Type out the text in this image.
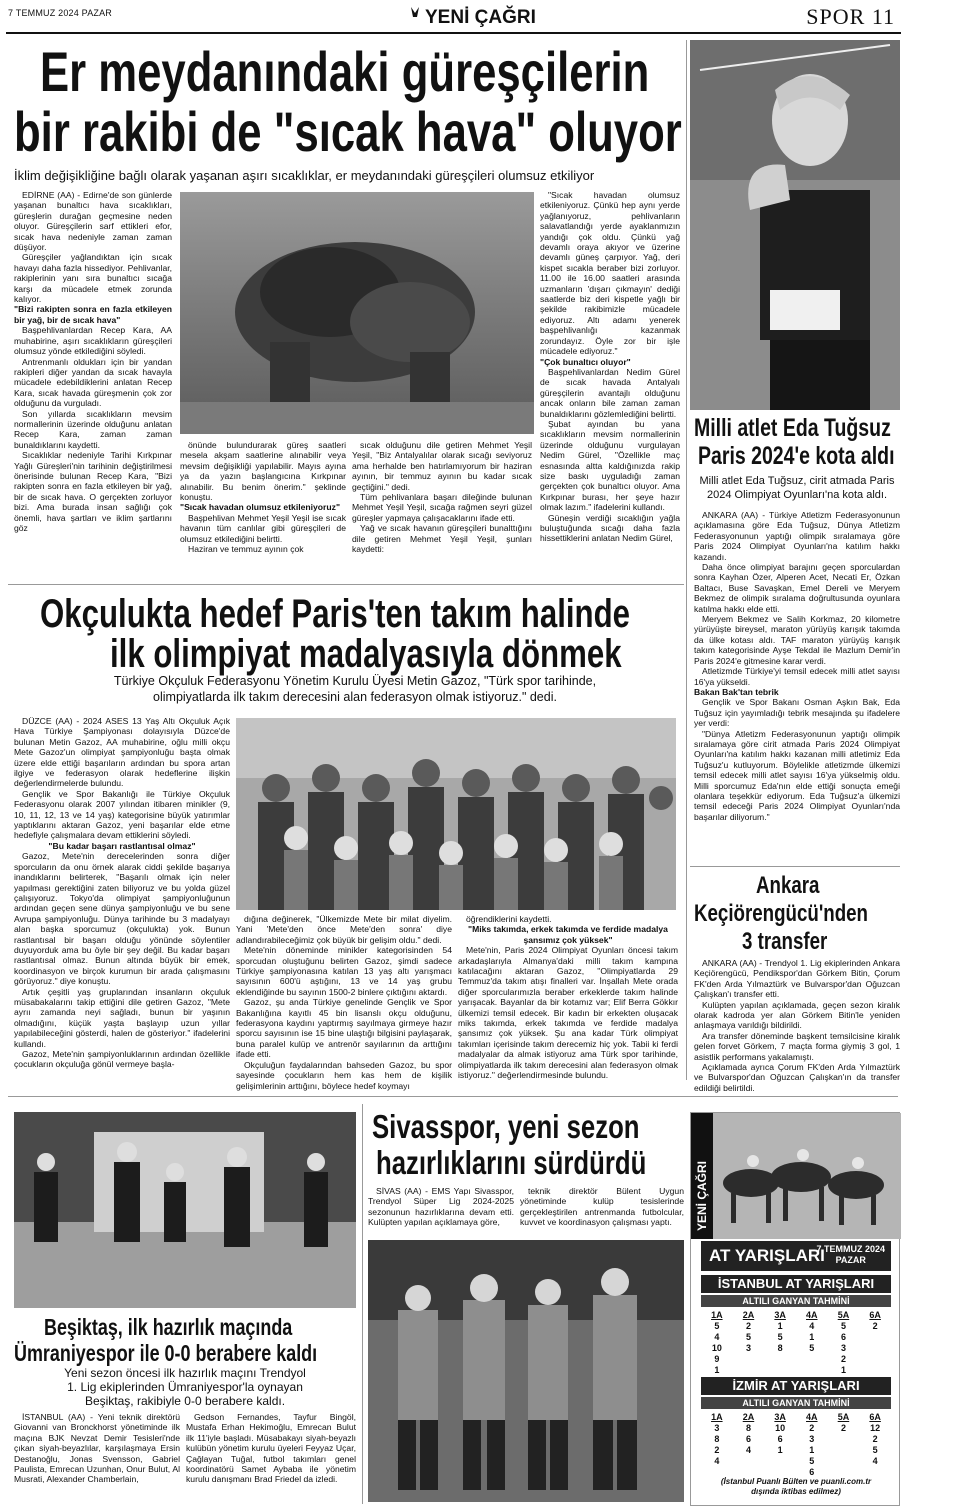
7 TEMMUZ 2024 PAZAR	YENİ ÇAĞRI	SPOR 11
Er meydanındaki güreşçilerin
bir rakibi de "sıcak hava" oluyor
İklim değişikliğine bağlı olarak yaşanan aşırı sıcaklıklar, er meydanındaki güreşçileri olumsuz etkiliyor

EDİRNE (AA) - Edirne'de son günlerde yaşanan bunaltıcı hava sıcaklıkları, güreşlerin durağan geçmesine neden oluyor. Güreşçilerin sarf ettikleri efor, sıcak hava nedeniyle zaman zaman düşüyor.

Güreşçiler yağlandıktan için sıcak havayı daha fazla hissediyor. Pehlivanlar, rakiplerinin yanı sıra bunaltıcı sıcağa karşı da mücadele etmek zorunda kalıyor.

"Bizi rakipten sonra en fazla etkileyen bir yağ, bir de sıcak hava"

Başpehlivanlardan Recep Kara, AA muhabirine, aşırı sıcaklıkların güreşçileri olumsuz yönde etkilediğini söyledi.

Antrenmanlı oldukları için bir yandan rakipleri diğer yandan da sıcak havayla mücadele edebildiklerini anlatan Recep Kara, sıcak havada güreşmenin çok zor olduğunu da vurguladı.

Son yıllarda sıcaklıkların mevsim normallerinin üzerinde olduğunu anlatan Recep Kara, zaman zaman bunaldıklarını kaydetti.

Sıcaklıklar nedeniyle Tarihi Kırkpınar Yağlı Güreşleri'nin tarihinin değiştirilmesi önerisinde bulunan Recep Kara, "Bizi rakipten sonra en fazla etkileyen bir yağ, bir de sıcak hava. O gerçekten zorluyor bizi. Ama burada insan sağlığı çok önemli, hava şartları ve iklim şartlarını göz

önünde bulundurarak güreş saatleri mesela akşam saatlerine alınabilir veya mevsim değişikliği yapılabilir. Mayıs ayına ya da yazın başlangıcına Kırkpınar alınabilir. Bu benim önerim." şeklinde konuştu.

"Sıcak havadan olumsuz etkileniyoruz"

Başpehlivan Mehmet Yeşil Yeşil ise sıcak havanın tüm canlılar gibi güreşçileri de olumsuz etkilediğini belirtti.

Haziran ve temmuz ayının çok

sıcak olduğunu dile getiren Mehmet Yeşil Yeşil, "Biz Antalyalılar olarak sıcağı seviyoruz ama herhalde ben hatırlamıyorum bir haziran ayının, bir temmuz ayının bu kadar sıcak geçtiğini." dedi.

Tüm pehlivanlara başarı dileğinde bulunan Mehmet Yeşil Yeşil, sıcağa rağmen seyri güzel güreşler yapmaya çalışacaklarını ifade etti.

Yağ ve sıcak havanın güreşçileri bunalttığını dile getiren Mehmet Yeşil Yeşil, şunları kaydetti:

"Sıcak havadan olumsuz etkileniyoruz. Çünkü hep aynı yerde yağlanıyoruz, pehlivanların salavatlandığı yerde ayaklanmızın yandığı çok oldu. Çünkü yağ devamlı oraya akıyor ve üzerine devamlı güneş çarpıyor. Yağ, deri kispet sıcakla beraber bizi zorluyor. 11.00 ile 16.00 saatleri arasında uzmanların 'dışarı çıkmayın' dediği saatlerde biz deri kispetle yağlı bir şekilde rakibimizle mücadele ediyoruz. Altı adamı yenerek başpehlivanlığı kazanmak zorundayız. Öyle zor bir işle mücadele ediyoruz."

"Çok bunaltıcı oluyor"

Başpehlivanlardan Nedim Gürel de sıcak havada Antalyalı güreşçilerin avantajlı olduğunu ancak onların bile zaman zaman bunaldıklarını gözlemlediğini belirtti.

Şubat ayından bu yana sıcaklıkların mevsim normallerinin üzerinde olduğunu vurgulayan Nedim Gürel, "Özellikle maç esnasında altta kaldığınızda rakip size baskı uyguladığı zaman gerçekten çok bunaltıcı oluyor. Ama Kırkpınar burası, her şeye hazır olmak lazım." ifadelerini kullandı.

Güneşin verdiği sıcaklığın yağla buluştuğunda sıcağı daha fazla hissettiklerini anlatan Nedim Gürel,

Milli atlet Eda Tuğsuz
Paris 2024'e kota aldı
Milli atlet Eda Tuğsuz, cirit atmada Paris 2024 Olimpiyat Oyunları'na kota aldı.

ANKARA (AA) - Türkiye Atletizm Federasyonunun açıklamasına göre Eda Tuğsuz, Dünya Atletizm Federasyonunun yaptığı olimpik sıralamaya göre Paris 2024 Olimpiyat Oyunları'na katılım hakkı kazandı.

Daha önce olimpiyat barajını geçen sporculardan sonra Kayhan Özer, Alperen Acet, Necati Er, Özkan Baltacı, Buse Savaşkan, Emel Dereli ve Meryem Bekmez de olimpik sıralama doğrultusunda oyunlara katılma hakkı elde etti.

Meryem Bekmez ve Salih Korkmaz, 20 kilometre yürüyüşte bireysel, maraton yürüyüş karışık takımda da ülke kotası aldı. TAF maraton yürüyüş karışık takım kategorisinde Ayşe Tekdal ile Mazlum Demir'in Paris 2024'e gitmesine karar verdi.

Atletizmde Türkiye'yi temsil edecek milli atlet sayısı 16'ya yükseldi.

Bakan Bak'tan tebrik

Gençlik ve Spor Bakanı Osman Aşkın Bak, Eda Tuğsuz için yayımladığı tebrik mesajında şu ifadelere yer verdi:

"Dünya Atletizm Federasyonunun yaptığı olimpik sıralamaya göre cirit atmada Paris 2024 Olimpiyat Oyunları'na katılım hakkı kazanan milli atletimiz Eda Tuğsuz'u kutluyorum. Böylelikle atletizmde ülkemizi temsil edecek milli atlet sayısı 16'ya yükselmiş oldu. Milli sporcumuz Eda'nın elde ettiği sonuçta emeği olanlara teşekkür ediyorum. Eda Tuğsuz'a ülkemizi temsil edeceği Paris 2024 Olimpiyat Oyunları'nda başarılar diliyorum."

Ankara
Keçiörengücü'nden
3 transfer

ANKARA (AA) - Trendyol 1. Lig ekiplerinden Ankara Keçiörengücü, Pendikspor'dan Görkem Bitin, Çorum FK'den Arda Yılmaztürk ve Bulvarspor'dan Oğuzcan Çalışkan'ı transfer etti.

Kulüpten yapılan açıklamada, geçen sezon kiralık olarak kadroda yer alan Görkem Bitin'le yeniden anlaşmaya varıldığı bildirildi.

Ara transfer döneminde başkent temsilcisine kiralık gelen forvet Görkem, 7 maçta forma giymiş 3 gol, 1 asistlik performans yakalamıştı.

Açıklamada ayrıca Çorum FK'den Arda Yılmaztürk ve Bulvarspor'dan Oğuzcan Çalışkan'ın da transfer edildiği belirtildi.

Okçulukta hedef Paris'ten takım halinde
ilk olimpiyat madalyasıyla dönmek
Türkiye Okçuluk Federasyonu Yönetim Kurulu Üyesi Metin Gazoz, "Türk spor tarihinde,
olimpiyatlarda ilk takım derecesini alan federasyon olmak istiyoruz." dedi.

DÜZCE (AA) - 2024 ASES 13 Yaş Altı Okçuluk Açık Hava Türkiye Şampiyonası dolayısıyla Düzce'de bulunan Metin Gazoz, AA muhabirine, oğlu milli okçu Mete Gazoz'un olimpiyat şampiyonluğu başta olmak üzere elde ettiği başarıların ardından bu spora artan ilgiye ve federasyon olarak hedeflerine ilişkin değerlendirmelerde bulundu.

Gençlik ve Spor Bakanlığı ile Türkiye Okçuluk Federasyonu olarak 2007 yılından itibaren minikler (9, 10, 11, 12, 13 ve 14 yaş) kategorisine büyük yatırımlar yaptıklarını aktaran Gazoz, yeni başarılar elde etme hedefiyle çalışmalara devam ettiklerini söyledi.

"Bu kadar başarı rastlantısal olmaz"

Gazoz, Mete'nin derecelerinden sonra diğer sporcuların da onu örnek alarak ciddi şekilde başarıya inandıklarını belirterek, "Başarılı olmak için neler yapılması gerektiğini zaten biliyoruz ve bu yolda güzel çalışıyoruz. Tokyo'da olimpiyat şampiyonluğunun ardından geçen sene dünya şampiyonluğu ve bu sene Avrupa şampiyonluğu. Dünya tarihinde bu 3 madalyayı alan başka sporcumuz (okçulukta) yok. Bunun rastlantısal bir başarı olduğu yönünde söylentiler duyuyorduk ama bu öyle bir şey değil. Bu kadar başarı rastlantısal olmaz. Bunun altında büyük bir emek, koordinasyon ve birçok kurumun bir arada çalışmasını görüyoruz." diye konuştu.

Artık çeşitli yaş gruplarından insanların okçuluk müsabakalarını takip ettiğini dile getiren Gazoz, "Mete ayrıı zamanda neyi sağladı, bunun bir yaşının olmadığını, küçük yaşta başlayıp uzun yıllar yapılabileceğini gösterdi, halen de gösteriyor." ifadelerini kullandı.

Gazoz, Mete'nin şampiyonluklarının ardından özellikle çocukların okçuluğa gönül vermeye başla-

dığına değinerek, "Ülkemizde Mete bir milat diyelim. Yani 'Mete'den önce Mete'den sonra' diye adlandırabileceğimiz çok büyük bir gelişim oldu." dedi.

Mete'nin döneminde minikler kategorisinden 54 sporcudan oluştuğunu belirten Gazoz, şimdi sadece Türkiye şampiyonasına katılan 13 yaş altı yarışmacı sayısının 600'ü aştığını, 13 ve 14 yaş grubu eklendiğinde bu sayının 1500-2 binlere çıktığını aktardı.

Gazoz, şu anda Türkiye genelinde Gençlik ve Spor Bakanlığına kayıtlı 45 bin lisanslı okçu olduğunu, federasyona kaydını yaptırmış sayılmaya girmeye hazır sporcu sayısının ise 15 bine ulaştığı bilgisini paylaşarak, buna paralel kulüp ve antrenör sayılarının da arttığını ifade etti.

Okçuluğun faydalarından bahseden Gazoz, bu spor sayesinde çocukların hem kas hem de kişilik gelişimlerinin arttığını, böylece hedef koymayı

öğrendiklerini kaydetti.

"Miks takımda, erkek takımda ve ferdide madalya şansımız çok yüksek"

Mete'nin, Paris 2024 Olimpiyat Oyunları öncesi takım arkadaşlarıyla Almanya'daki milli takım kampına katılacağını aktaran Gazoz, "Olimpiyatlarda 29 Temmuz'da takım atışı finalleri var. İnşallah Mete orada diğer sporcularımızla beraber erkeklerde takım halinde yarışacak. Bayanlar da bir kotamız var; Elif Berra Gökkır ülkemizi temsil edecek. Bir kadın bir erkekten oluşacak miks takımda, erkek takımda ve ferdide madalya şansımız çok yüksek. Şu ana kadar Türk olimpiyat takımları içerisinde takım derecemiz hiç yok. Tabii ki ferdi madalyalar da almak istiyoruz ama Türk spor tarihinde, olimpiyatlarda ilk takım derecesini alan federasyon olmak istiyoruz." değerlendirmesinde bulundu.

Beşiktaş, ilk hazırlık maçında
Ümraniyespor ile 0-0 berabere kaldı
Yeni sezon öncesi ilk hazırlık maçını Trendyol
1. Lig ekiplerinden Ümraniyespor'la oynayan
Beşiktaş, rakibiyle 0-0 berabere kaldı.

İSTANBUL (AA) - Yeni teknik direktörü Giovanni van Bronckhorst yönetiminde ilk maçına BJK Nevzat Demir Tesisleri'nde çıkan siyah-beyazlılar, karşılaşmaya Ersin Destanoğlu, Jonas Svensson, Gabriel Paulista, Emrecan Uzunhan, Onur Bulut, Al Musrati, Alexander Chamberlain,

Gedson Fernandes, Tayfur Bingöl, Mustafa Erhan Hekimoğlu, Emrecan Bulut ilk 11'iyle başladı. Müsabakayı siyah-beyazlı kulübün yönetim kurulu üyeleri Feyyaz Uçar, Çağlayan Tuğal, futbol takımları genel koordinatörü Samet Aybaba ile yönetim kurulu danışmanı Brad Friedel da izledi.

Sivasspor, yeni sezon
hazırlıklarını sürdürdü

SİVAS (AA) - EMS Yapı Sivasspor, Trendyol Süper Lig 2024-2025 sezonunun hazırlıklarına devam etti. Kulüpten yapılan açıklamaya göre,

teknik direktör Bülent Uygun yönetiminde kulüp tesislerinde gerçekleştirilen antrenmanda futbolcular, kuvvet ve koordinasyon çalışması yaptı.	YENİ ÇAĞRI
AT YARIŞLARI
7 TEMMUZ 2024
PAZAR
İSTANBUL AT YARIŞLARI
ALTILI GANYAN TAHMİNİ
1A	2A	3A	4A	5A	6A
5	2	1	4	5	2
4	5	5	1	6	
10	3	8	5	3	
9				2	
1				1	
İZMİR AT YARIŞLARI
ALTILI GANYAN TAHMİNİ
1A	2A	3A	4A	5A	6A
3	8	10	2	2	12
8	6	6	3		2
2	4	1	1		5
4			5		4
			6		
(İstanbul Puanlı Bülten ve puanli.com.tr
dışında iktibas edilmez)
